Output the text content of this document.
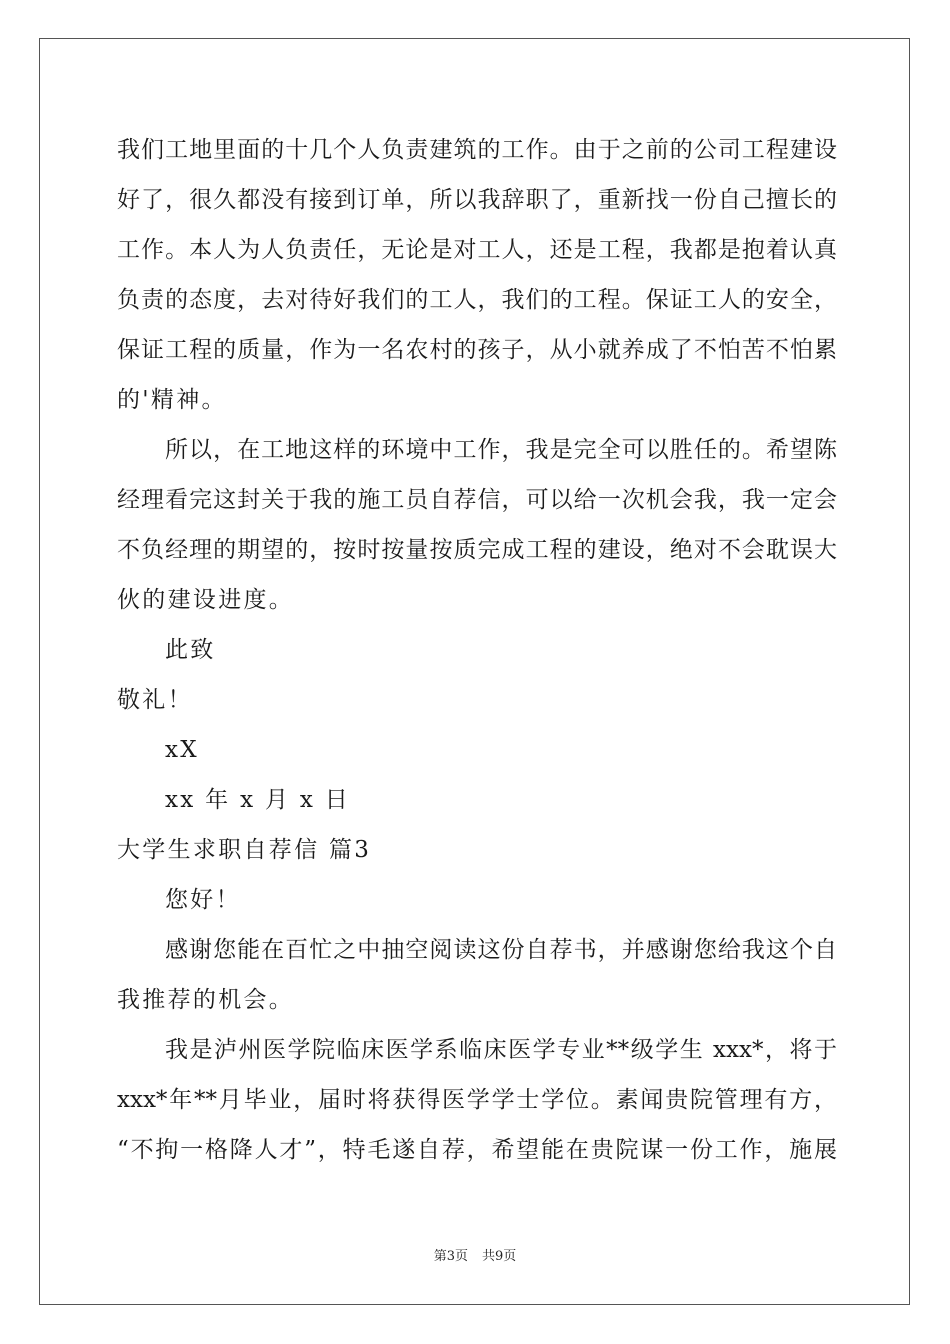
我们工地里面的十几个人负责建筑的工作。由于之前的公司工程建设
好了，很久都没有接到订单，所以我辞职了，重新找一份自己擅长的
工作。本人为人负责任，无论是对工人，还是工程，我都是抱着认真
负责的态度，去对待好我们的工人，我们的工程。保证工人的安全，
保证工程的质量，作为一名农村的孩子，从小就养成了不怕苦不怕累
的'精神。
所以，在工地这样的环境中工作，我是完全可以胜任的。希望陈
经理看完这封关于我的施工员自荐信，可以给一次机会我，我一定会
不负经理的期望的，按时按量按质完成工程的建设，绝对不会耽误大
伙的建设进度。
此致
敬礼！
xX
xx 年 x 月 x 日
大学生求职自荐信 篇3
您好！
感谢您能在百忙之中抽空阅读这份自荐书，并感谢您给我这个自
我推荐的机会。
我是泸州医学院临床医学系临床医学专业**级学生 xxx*，将于
xxx*年**月毕业，届时将获得医学学士学位。素闻贵院管理有方，
“不拘一格降人才”，特毛遂自荐，希望能在贵院谋一份工作，施展
第3页 共9页
